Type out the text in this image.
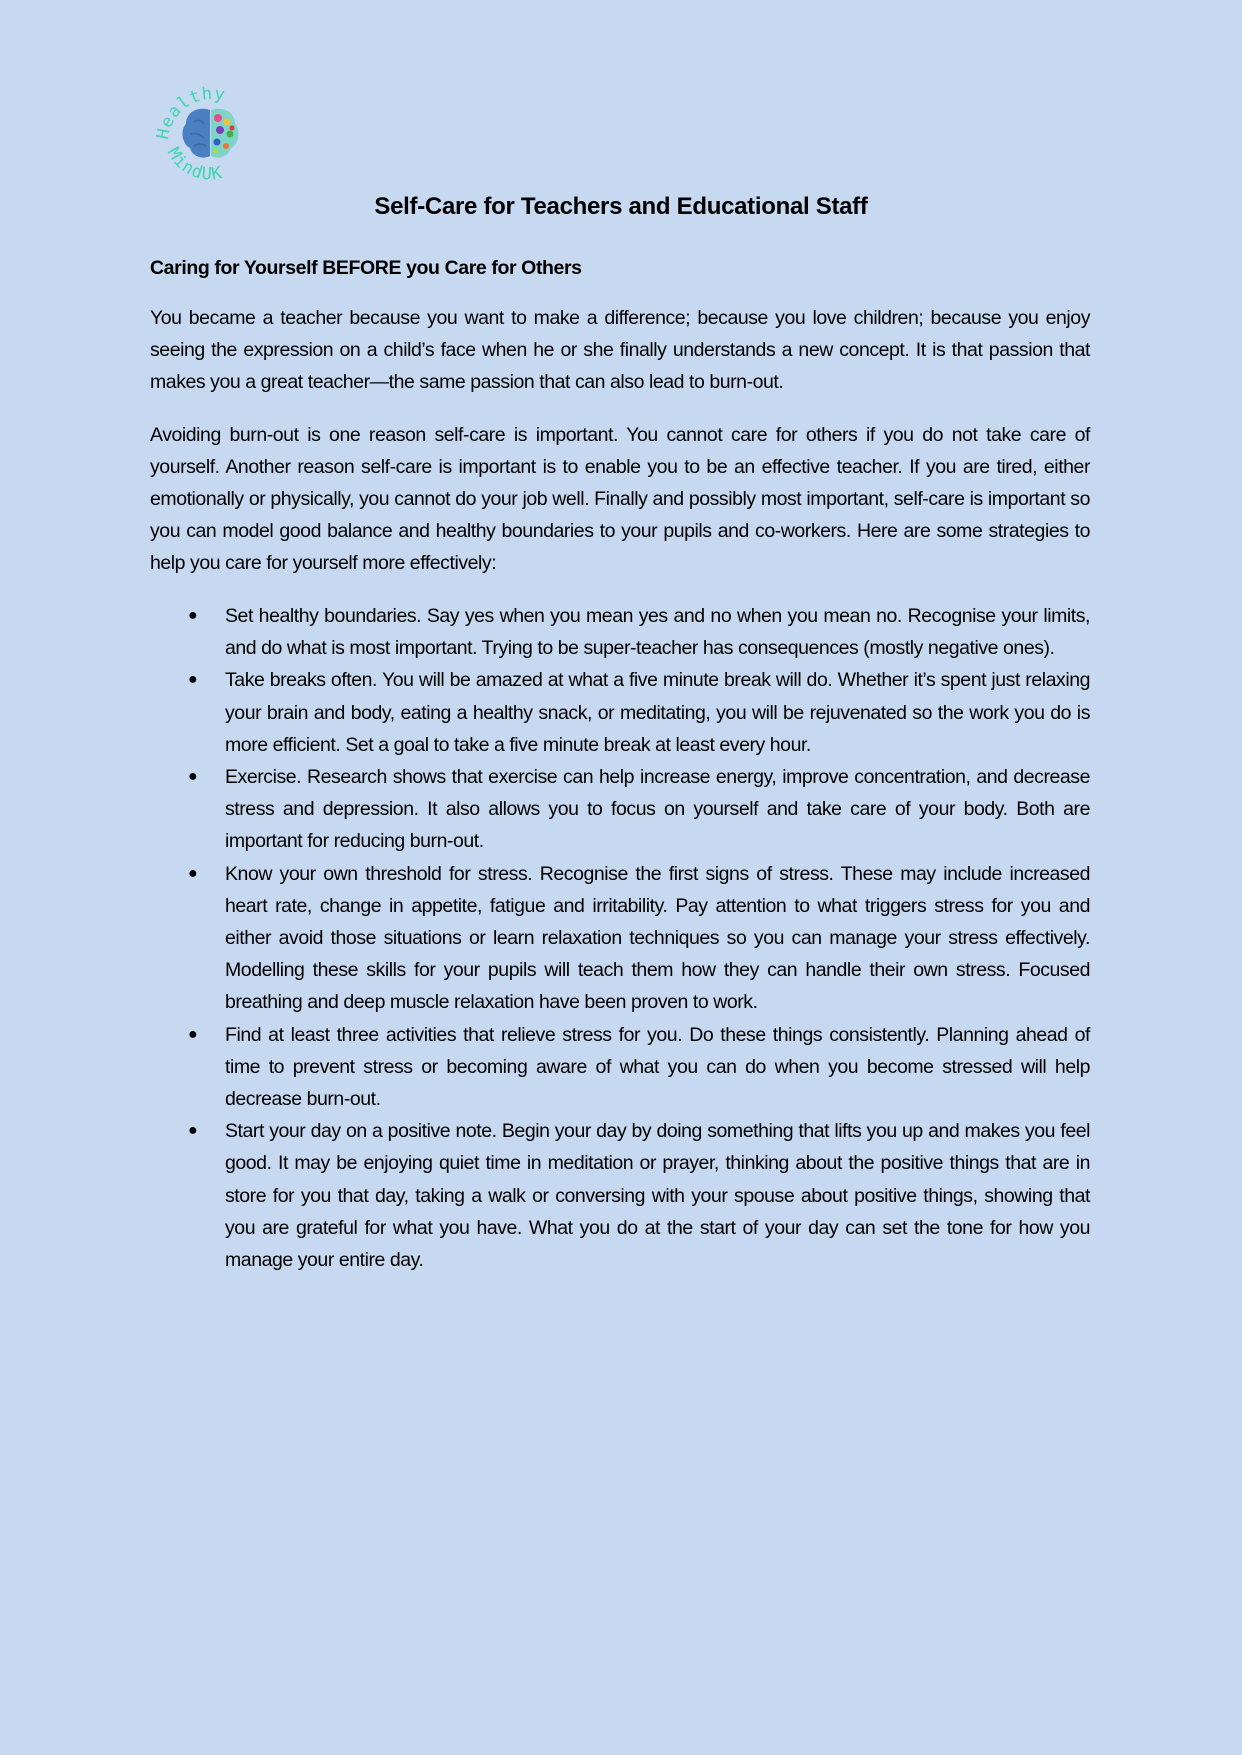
Healthy
MindUK
Self-Care for Teachers and Educational Staff
Caring for Yourself BEFORE you Care for Others

You became a teacher because you want to make a difference; because you love children; because you enjoy seeing the expression on a child’s face when he or she finally understands a new concept. It is that passion that makes you a great teacher—the same passion that can also lead to burn-out.

Avoiding burn-out is one reason self-care is important. You cannot care for others if you do not take care of yourself. Another reason self-care is important is to enable you to be an effective teacher. If you are tired, either emotionally or physically, you cannot do your job well. Finally and possibly most important, self-care is important so you can model good balance and healthy boundaries to your pupils and co-workers. Here are some strategies to help you care for yourself more effectively:

● Set healthy boundaries. Say yes when you mean yes and no when you mean no. Recognise your limits, and do what is most important. Trying to be super-teacher has consequences (mostly negative ones).
● Take breaks often. You will be amazed at what a five minute break will do. Whether it’s spent just relaxing your brain and body, eating a healthy snack, or meditating, you will be rejuvenated so the work you do is more efficient. Set a goal to take a five minute break at least every hour.
● Exercise. Research shows that exercise can help increase energy, improve concentration, and decrease stress and depression. It also allows you to focus on yourself and take care of your body. Both are important for reducing burn-out.
● Know your own threshold for stress. Recognise the first signs of stress. These may include increased heart rate, change in appetite, fatigue and irritability. Pay attention to what triggers stress for you and either avoid those situations or learn relaxation techniques so you can manage your stress effectively. Modelling these skills for your pupils will teach them how they can handle their own stress. Focused breathing and deep muscle relaxation have been proven to work.
● Find at least three activities that relieve stress for you. Do these things consistently. Planning ahead of time to prevent stress or becoming aware of what you can do when you become stressed will help decrease burn-out.
● Start your day on a positive note. Begin your day by doing something that lifts you up and makes you feel good. It may be enjoying quiet time in meditation or prayer, thinking about the positive things that are in store for you that day, taking a walk or conversing with your spouse about positive things, showing that you are grateful for what you have. What you do at the start of your day can set the tone for how you manage your entire day.
